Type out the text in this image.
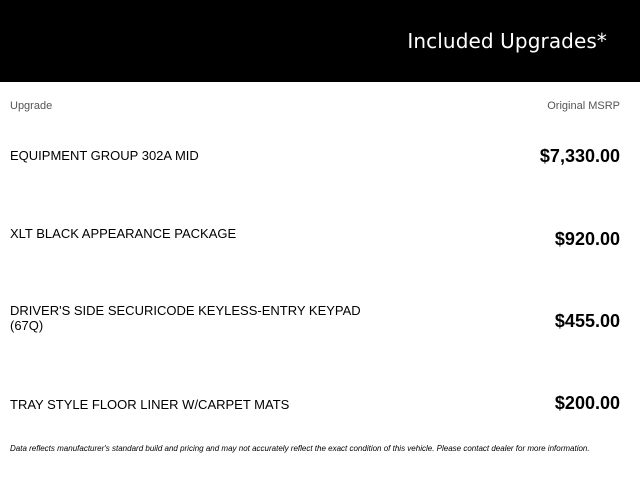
Included Upgrades*
Upgrade	Original MSRP
EQUIPMENT GROUP 302A MID	$7,330.00
XLT BLACK APPEARANCE PACKAGE	$920.00
DRIVER'S SIDE SECURICODE KEYLESS-ENTRY KEYPAD (67Q)	$455.00
TRAY STYLE FLOOR LINER W/CARPET MATS	$200.00
Data reflects manufacturer's standard build and pricing and may not accurately reflect the exact condition of this vehicle. Please contact dealer for more information.
